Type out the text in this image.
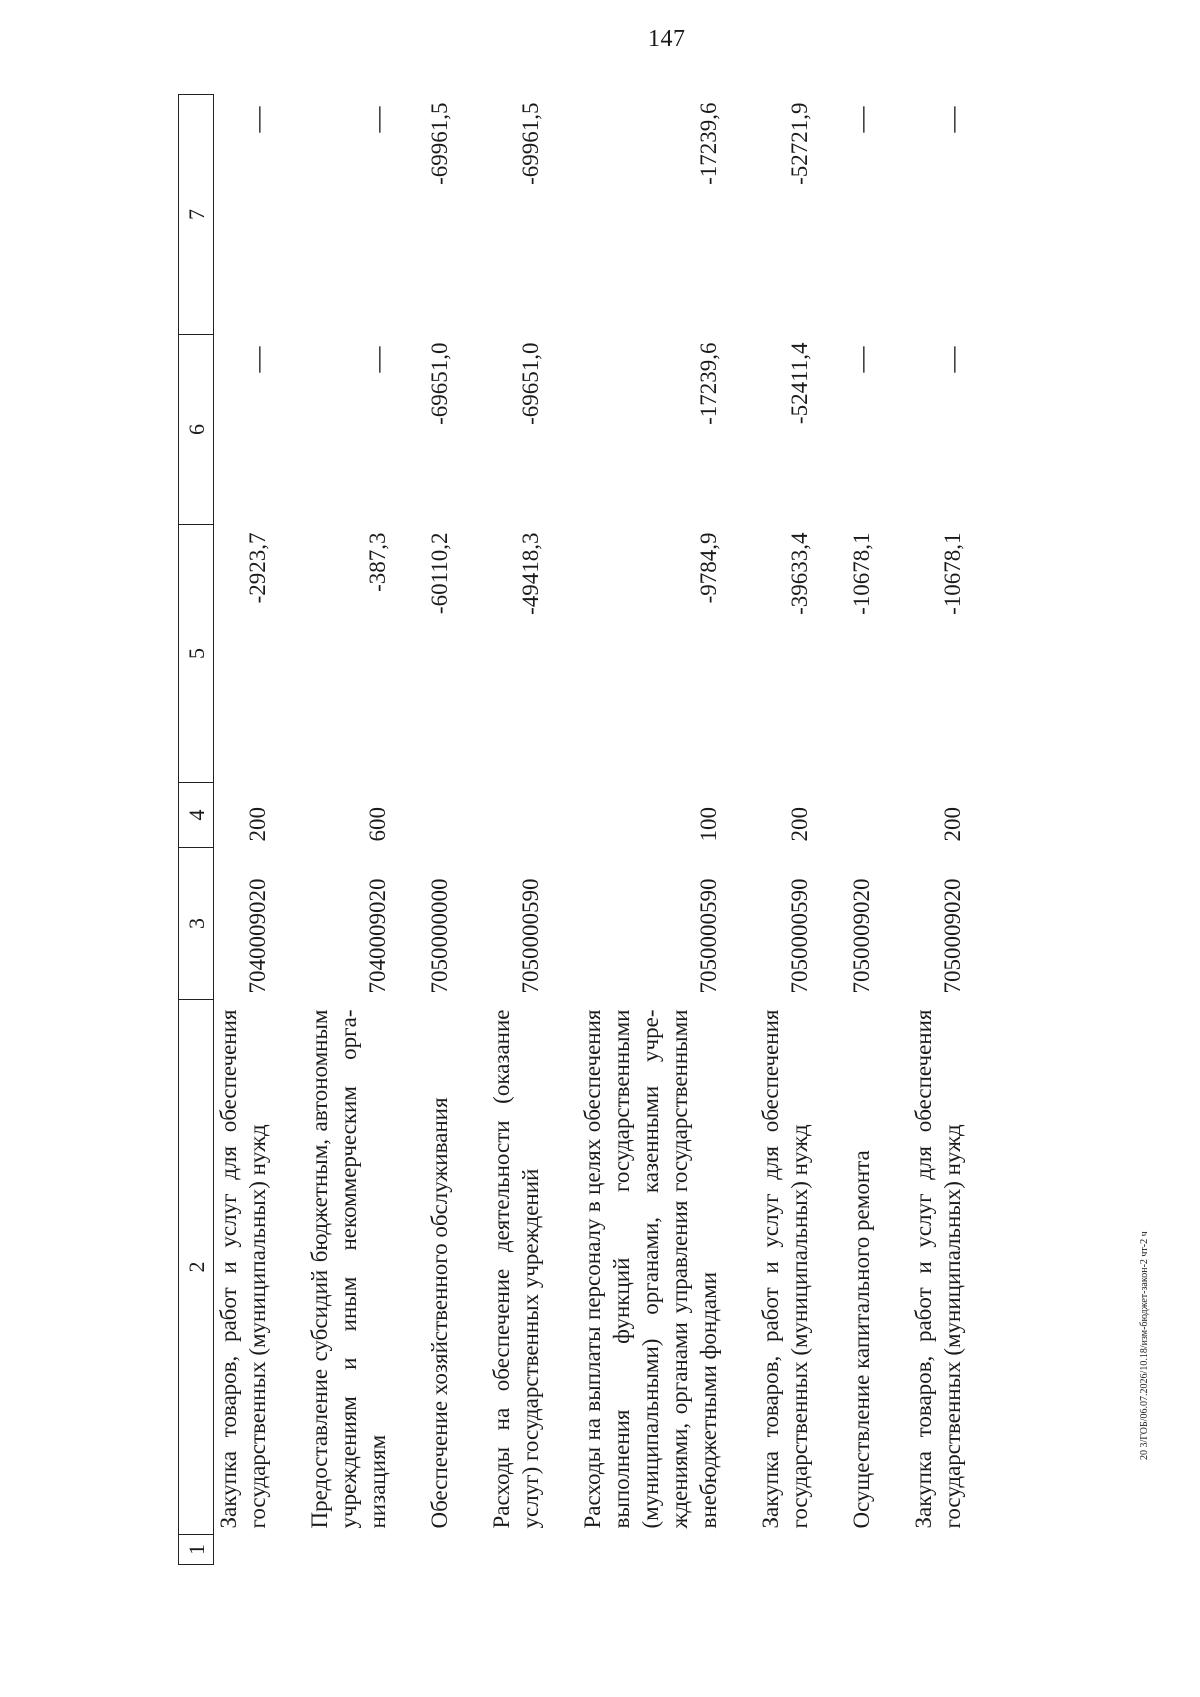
147
1	2	3	4	5	6	7
	Закупка товаров, работ и услуг для обеспечения государственных (муниципальных) нужд	7040009020	200	-2923,7	—	—

	Предоставление субсидий бюджетным, автономным учреждениям и иным некоммерческим организациям	7040009020	600	-387,3	—	—

	Обеспечение хозяйственного обслуживания	7050000000		-60110,2	-69651,0	-69961,5

	Расходы на обеспечение деятельности (оказание услуг) государственных учреждений	7050000590		-49418,3	-69651,0	-69961,5

	Расходы на выплаты персоналу в целях обеспечения выполнения функций государственными (муниципальными) органами, казенными учреждениями, органами управления государственными внебюджетными фондами	7050000590	100	-9784,9	-17239,6	-17239,6

	Закупка товаров, работ и услуг для обеспечения государственных (муниципальных) нужд	7050000590	200	-39633,4	-52411,4	-52721,9

	Осуществление капитального ремонта	7050009020		-10678,1	—	—

	Закупка товаров, работ и услуг для обеспечения государственных (муниципальных) нужд	7050009020	200	-10678,1	—	—
20 3/ГОБ/06.07.2026/10.18/изм-бюджет-закон-2 чт-2 ч
